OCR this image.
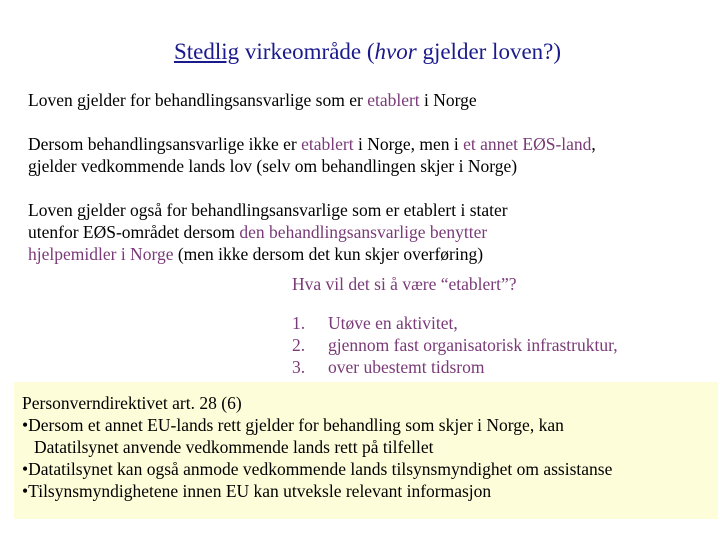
Stedlig virkeområde (hvor gjelder loven?)
Loven gjelder for behandlingsansvarlige som er etablert i Norge
Dersom behandlingsansvarlige ikke er etablert i Norge, men i et annet EØS-land,
gjelder vedkommende lands lov (selv om behandlingen skjer i Norge)
Loven gjelder også for behandlingsansvarlige som er etablert i stater
utenfor EØS-området dersom den behandlingsansvarlige benytter
hjelpemidler i Norge (men ikke dersom det kun skjer overføring)
Hva vil det si å være “etablert”?
1.	Utøve en aktivitet,
2.	gjennom fast organisatorisk infrastruktur,
3.	over ubestemt tidsrom
Personverndirektivet art. 28 (6)
•Dersom et annet EU-lands rett gjelder for behandling som skjer i Norge, kan
Datatilsynet anvende vedkommende lands rett på tilfellet
•Datatilsynet kan også anmode vedkommende lands tilsynsmyndighet om assistanse
•Tilsynsmyndighetene innen EU kan utveksle relevant informasjon
